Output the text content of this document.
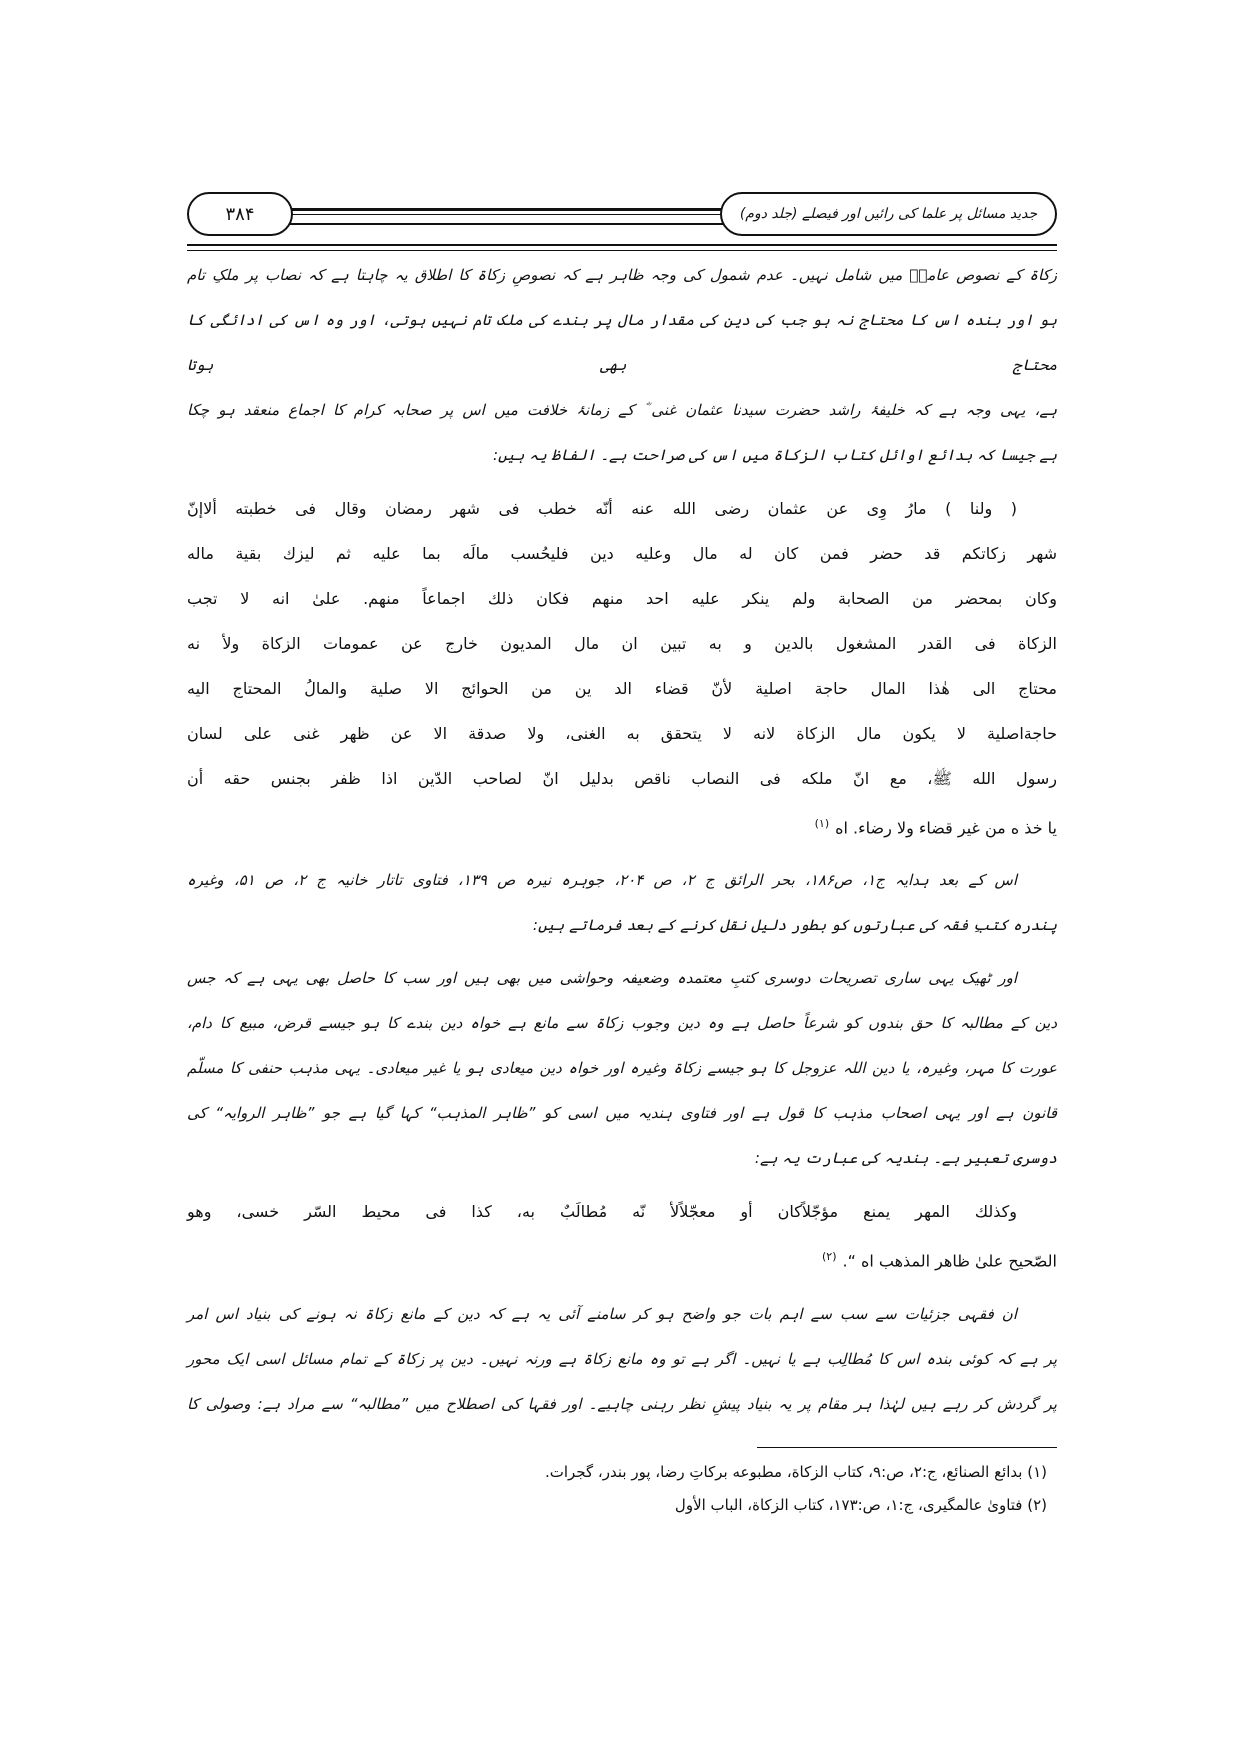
۳۸۴	جدید مسائل پر علما کی رائیں اور فیصلے (جلد دوم)
زکاۃ کے نصوص عامہؔ میں شامل نہیں۔ عدم شمول کی وجہ ظاہر ہے کہ نصوصِ زکاۃ کا اطلاق یہ چاہتا ہے کہ نصاب پر ملکِ تام
ہو اور بندہ اس کا محتاج نہ ہو جب کی دین کی مقدار مال پر بندے کی ملک تام نہیں ہوتی، اور وہ اس کی ادائگی کا محتاج بھی ہوتا
ہے، یہی وجہ ہے کہ خلیفۂ راشد حضرت سیدنا عثمان غنی ؓ کے زمانۂ خلافت میں اس پر صحابہ کرام کا اجماع منعقد ہو چکا
ہے جیسا کہ بدائع اوائل کتاب الزکاۃ میں اس کی صراحت ہے۔ الفاظ یہ ہیں:
( ولنا ) مارُ وِی عن عثمان رضی الله عنه أنّه خطب فی شهر رمضان وقال فی خطبته ألاإنّ
شهر زكاتكم قد حضر فمن كان له مال وعليه دين فليحُسب مالَه بما عليه ثم ليزك بقية ماله
وكان بمحضر من الصحابة ولم ينكر عليه احد منهم فكان ذلك اجماعاً منهم. علیٰ انه لا تجب
الزكاة فی القدر المشغول بالدين و به تبين ان مال المديون خارج عن عمومات الزكاة ولأ نه
محتاج الی هٰذا المال حاجة اصلية لأنّ قضاء الد ين من الحوائج الا صلية والمالُ المحتاج اليه
حاجةاصلية لا يكون مال الزكاة لانه لا يتحقق به الغنى، ولا صدقة الا عن ظهر غنى علی لسان
رسول الله ﷺ، مع انّ ملكه فی النصاب ناقص بدليل انّ لصاحب الدّين اذا ظفر بجنس حقه أن
يا خذ ه من غير قضاء ولا رضاء. اه$^{(١)}$
اس کے بعد ہدایہ ج۱، ص۱۸۶، بحر الرائق ج ۲، ص ۲۰۴، جوہرہ نیرہ ص ۱۳۹، فتاوی تاتار خانیہ ج ۲، ص ۵۱، وغیرہ
پندرہ کتبِ فقہ کی عبارتوں کو بطور دلیل نقل کرنے کے بعد فرماتے ہیں:
اور ٹھیک یہی ساری تصریحات دوسری کتبِ معتمدہ وضعیفہ وحواشی میں بھی ہیں اور سب کا حاصل بھی یہی ہے کہ جس
دین کے مطالبہ کا حق بندوں کو شرعاً حاصل ہے وہ دین وجوب زکاۃ سے مانع ہے خواہ دین بندے کا ہو جیسے قرض، مبیع کا دام،
عورت کا مہر، وغیرہ، یا دین اللہ عزوجل کا ہو جیسے زکاۃ وغیرہ اور خواہ دین میعادی ہو یا غیر میعادی۔ یہی مذہب حنفی کا مسلّم
قانون ہے اور یہی اصحاب مذہب کا قول ہے اور فتاوی ہندیہ میں اسی کو ”ظاہر المذہب“ کہا گیا ہے جو ”ظاہر الروایہ“ کی
دوسری تعبیر ہے۔ ہندیہ کی عبارت یہ ہے:
وكذلك المهر يمنع مؤجّلاًكان أو معجّلاًلأ نّه مُطالَبٌ به، كذا فی محيط السّر خسی، وهو
الصّحيح علیٰ ظاهر المذهب اه “.$^{(٢)}$
ان فقہی جزئیات سے سب سے اہم بات جو واضح ہو کر سامنے آئی یہ ہے کہ دین کے مانع زکاۃ نہ ہونے کی بنیاد اس امر
پر ہے کہ کوئی بندہ اس کا مُطالِب ہے یا نہیں۔ اگر ہے تو وہ مانع زکاۃ ہے ورنہ نہیں۔ دین پر زکاۃ کے تمام مسائل اسی ایک محور
پر گردش کر رہے ہیں لہٰذا ہر مقام پر یہ بنیاد پیشِ نظر رہنی چاہیے۔ اور فقہا کی اصطلاح میں ”مطالبہ“ سے مراد ہے: وصولی کا
(١) بدائع الصنائع، ج:٢، ص:٩، كتاب الزكاة، مطبوعه بركاتِ رضا، پور بندر، گجرات.
(٢) فتاویٰ عالمگيری، ج:١، ص:١٧٣، كتاب الزكاة، الباب الأول
